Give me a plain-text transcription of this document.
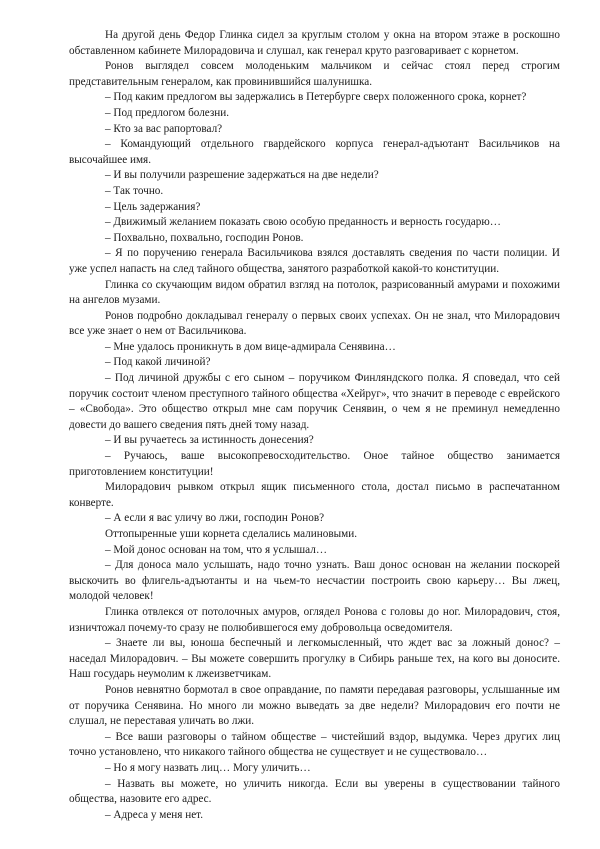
На другой день Федор Глинка сидел за круглым столом у окна на втором этаже в роскошно обставленном кабинете Милорадовича и слушал, как генерал круто разговаривает с корнетом.

Ронов выглядел совсем молоденьким мальчиком и сейчас стоял перед строгим представительным генералом, как провинившийся шалунишка.

– Под каким предлогом вы задержались в Петербурге сверх положенного срока, корнет?

– Под предлогом болезни.

– Кто за вас рапортовал?

– Командующий отдельного гвардейского корпуса генерал-адъютант Васильчиков на высочайшее имя.

– И вы получили разрешение задержаться на две недели?

– Так точно.

– Цель задержания?

– Движимый желанием показать свою особую преданность и верность государю…

– Похвально, похвально, господин Ронов.

– Я по поручению генерала Васильчикова взялся доставлять сведения по части полиции. И уже успел напасть на след тайного общества, занятого разработкой какой-то конституции.

Глинка со скучающим видом обратил взгляд на потолок, разрисованный амурами и похожими на ангелов музами.

Ронов подробно докладывал генералу о первых своих успехах. Он не знал, что Милорадович все уже знает о нем от Васильчикова.

– Мне удалось проникнуть в дом вице-адмирала Сенявина…

– Под какой личиной?

– Под личиной дружбы с его сыном – поручиком Финляндского полка. Я споведал, что сей поручик состоит членом преступного тайного общества «Хейруг», что значит в переводе с еврейского – «Свобода». Это общество открыл мне сам поручик Сенявин, о чем я не преминул немедленно довести до вашего сведения пять дней тому назад.

– И вы ручаетесь за истинность донесения?

– Ручаюсь, ваше высокопревосходительство. Оное тайное общество занимается приготовлением конституции!

Милорадович рывком открыл ящик письменного стола, достал письмо в распечатанном конверте.

– А если я вас уличу во лжи, господин Ронов?

Оттопыренные уши корнета сделались малиновыми.

– Мой донос основан на том, что я услышал…

– Для доноса мало услышать, надо точно узнать. Ваш донос основан на желании поскорей выскочить во флигель-адъютанты и на чьем-то несчастии построить свою карьеру… Вы лжец, молодой человек!

Глинка отвлекся от потолочных амуров, оглядел Ронова с головы до ног. Милорадович, стоя, изничтожал почему-то сразу не полюбившегося ему добровольца осведомителя.

– Знаете ли вы, юноша беспечный и легкомысленный, что ждет вас за ложный донос? – наседал Милорадович. – Вы можете совершить прогулку в Сибирь раньше тех, на кого вы доносите. Наш государь неумолим к лжеизветчикам.

Ронов невнятно бормотал в свое оправдание, по памяти передавая разговоры, услышанные им от поручика Сенявина. Но много ли можно выведать за две недели? Милорадович его почти не слушал, не переставая уличать во лжи.

– Все ваши разговоры о тайном обществе – чистейший вздор, выдумка. Через других лиц точно установлено, что никакого тайного общества не существует и не существовало…

– Но я могу назвать лиц… Могу уличить…

– Назвать вы можете, но уличить никогда. Если вы уверены в существовании тайного общества, назовите его адрес.

– Адреса у меня нет.
